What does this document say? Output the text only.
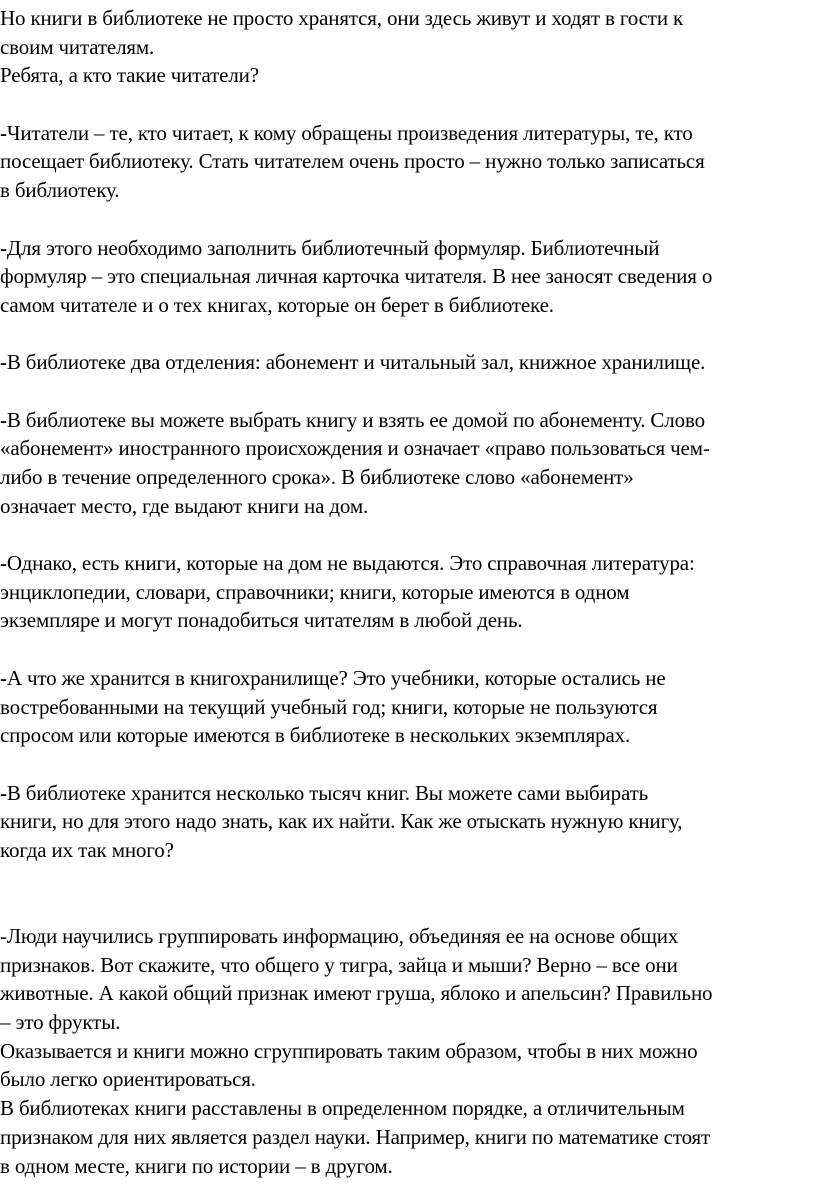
Но книги в библиотеке не просто хранятся, они здесь живут и ходят в гости к
своим читателям.
Ребята, а кто такие читатели?
-Читатели – те, кто читает, к кому обращены произведения литературы, те, кто
посещает библиотеку. Стать читателем очень просто – нужно только записаться
в библиотеку.
-Для этого необходимо заполнить библиотечный формуляр. Библиотечный
формуляр – это специальная личная карточка читателя. В нее заносят сведения о
самом читателе и о тех книгах, которые он берет в библиотеке.
-В библиотеке два отделения: абонемент и читальный зал, книжное хранилище.
-В библиотеке вы можете выбрать книгу и взять ее домой по абонементу. Слово
«абонемент» иностранного происхождения и означает «право пользоваться чем-
либо в течение определенного срока». В библиотеке слово «абонемент»
означает место, где выдают книги на дом.
-Однако, есть книги, которые на дом не выдаются. Это справочная литература:
энциклопедии, словари, справочники; книги, которые имеются в одном
экземпляре и могут понадобиться читателям в любой день.
-А что же хранится в книгохранилище? Это учебники, которые остались не
востребованными на текущий учебный год; книги, которые не пользуются
спросом или которые имеются в библиотеке в нескольких экземплярах.
-В библиотеке хранится несколько тысяч книг. Вы можете сами выбирать
книги, но для этого надо знать, как их найти. Как же отыскать нужную книгу,
когда их так много?
-Люди научились группировать информацию, объединяя ее на основе общих
признаков. Вот скажите, что общего у тигра, зайца и мыши? Верно – все они
животные. А какой общий признак имеют груша, яблоко и апельсин? Правильно
– это фрукты.
Оказывается и книги можно сгруппировать таким образом, чтобы в них можно
было легко ориентироваться.
В библиотеках книги расставлены в определенном порядке, а отличительным
признаком для них является раздел науки. Например, книги по математике стоят
в одном месте, книги по истории – в другом.
